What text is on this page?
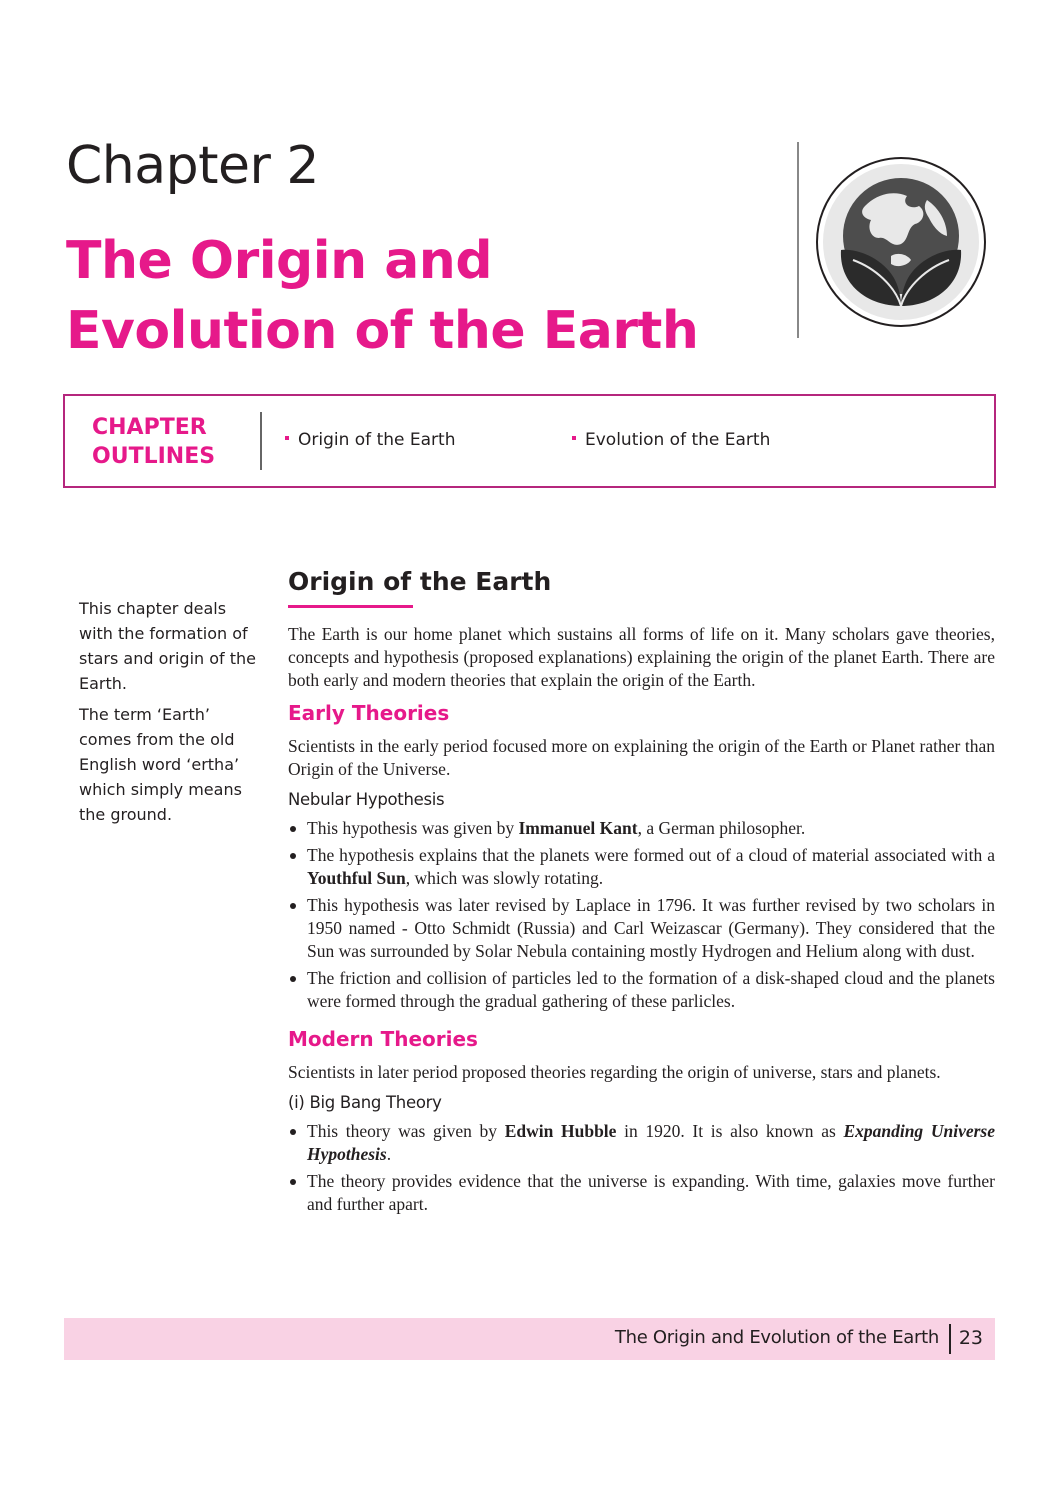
Chapter 2
The Origin and Evolution of the Earth
CHAPTER
OUTLINES
Origin of the Earth	Evolution of the Earth

This chapter deals with the formation of stars and origin of the Earth.

The term ‘Earth’ comes from the old English word ‘ertha’ which simply means the ground.

Origin of the Earth

The Earth is our home planet which sustains all forms of life on it. Many scholars gave theories, concepts and hypothesis (proposed explanations) explaining the origin of the planet Earth. There are both early and modern theories that explain the origin of the Earth.

Early Theories

Scientists in the early period focused more on explaining the origin of the Earth or Planet rather than Origin of the Universe.

Nebular Hypothesis
This hypothesis was given by Immanuel Kant, a German philosopher.
The hypothesis explains that the planets were formed out of a cloud of material associated with a Youthful Sun, which was slowly rotating.
This hypothesis was later revised by Laplace in 1796. It was further revised by two scholars in 1950 named - Otto Schmidt (Russia) and Carl Weizascar (Germany). They considered that the Sun was surrounded by Solar Nebula containing mostly Hydrogen and Helium along with dust.
The friction and collision of particles led to the formation of a disk-shaped cloud and the planets were formed through the gradual gathering of these parlicles.
Modern Theories

Scientists in later period proposed theories regarding the origin of universe, stars and planets.

(i) Big Bang Theory
This theory was given by Edwin Hubble in 1920. It is also known as Expanding Universe Hypothesis.
The theory provides evidence that the universe is expanding. With time, galaxies move further and further apart.
The Origin and Evolution of the Earth 23
